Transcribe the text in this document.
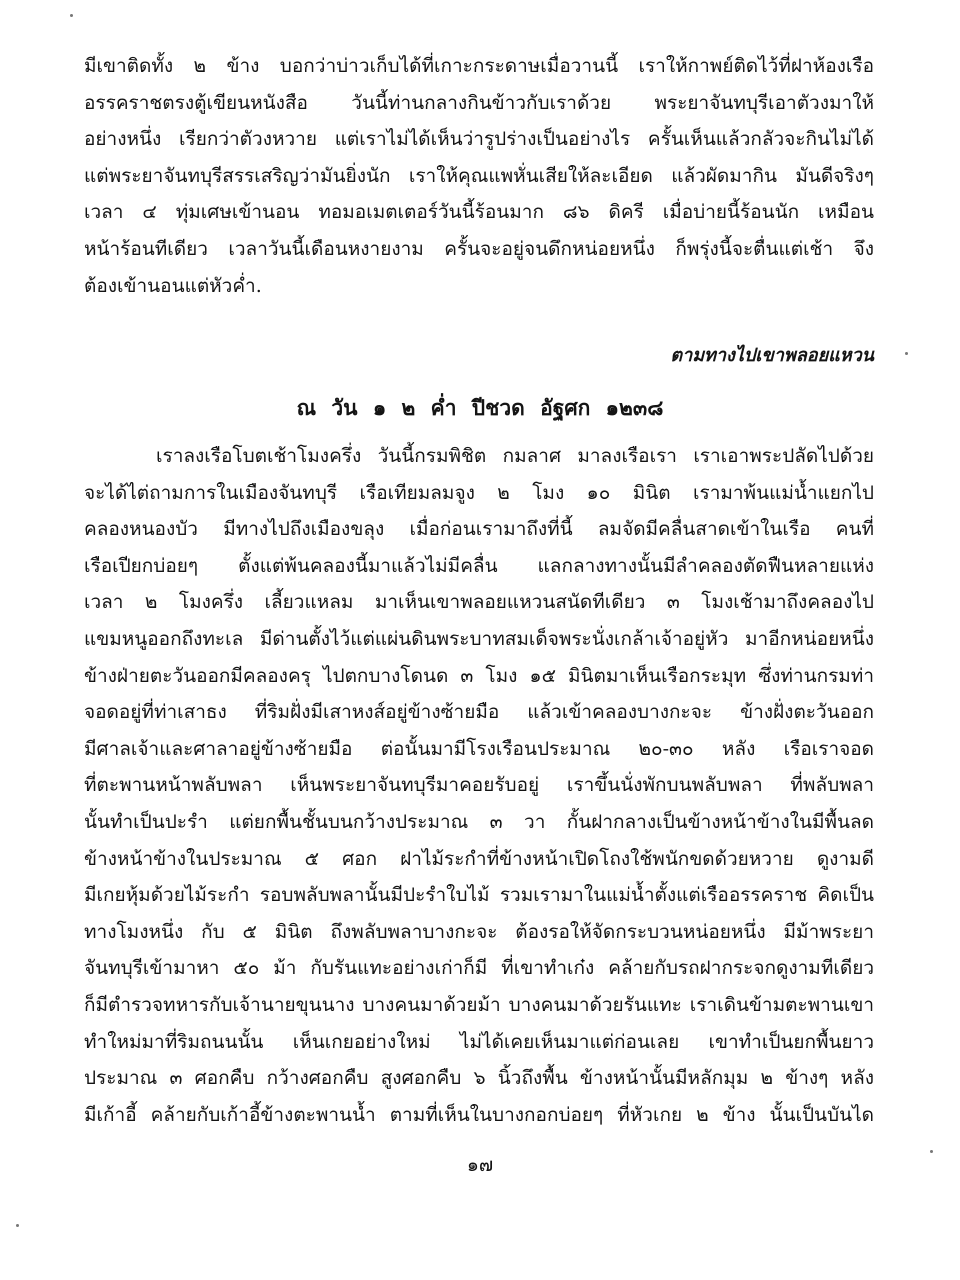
มีเขาติดทั้ง ๒ ข้าง บอกว่าบ่าวเก็บได้ที่เกาะกระดาษเมื่อวานนี้ เราให้กาพย์ติดไว้ที่ฝาห้องเรือ
อรรคราชตรงตู้เขียนหนังสือ วันนี้ท่านกลางกินข้าวกับเราด้วย พระยาจันทบุรีเอาตัวงมาให้
อย่างหนึ่ง เรียกว่าตัวงหวาย แต่เราไม่ได้เห็นว่ารูปร่างเป็นอย่างไร ครั้นเห็นแล้วกลัวจะกินไม่ได้
แต่พระยาจันทบุรีสรรเสริญว่ามันยิ่งนัก เราให้คุณแพหั่นเสียให้ละเอียด แล้วผัดมากิน มันดีจริงๆ
เวลา ๔ ทุ่มเศษเข้านอน ทอมอเมตเตอร์วันนี้ร้อนมาก ๘๖ ดิครี เมื่อบ่ายนี้ร้อนนัก เหมือน
หน้าร้อนทีเดียว เวลาวันนี้เดือนหงายงาม ครั้นจะอยู่จนดึกหน่อยหนึ่ง ก็พรุ่งนี้จะตื่นแต่เช้า จึง
ต้องเข้านอนแต่หัวค่ำ.
ตามทางไปเขาพลอยแหวน
ณ วัน ๑ ๒ ค่ำ ปีชวด อัฐศก ๑๒๓๘
เราลงเรือโบตเช้าโมงครึ่ง วันนี้กรมพิชิต กมลาศ มาลงเรือเรา เราเอาพระปลัดไปด้วย
จะได้ไต่ถามการในเมืองจันทบุรี เรือเทียมลมจูง ๒ โมง ๑๐ มินิต เรามาพ้นแม่น้ำแยกไป
คลองหนองบัว มีทางไปถึงเมืองขลุง เมื่อก่อนเรามาถึงที่นี้ ลมจัดมีคลื่นสาดเข้าในเรือ คนที่
เรือเปียกบ่อยๆ ตั้งแต่พ้นคลองนี้มาแล้วไม่มีคลื่น แลกลางทางนั้นมีลำคลองตัดฟืนหลายแห่ง
เวลา ๒ โมงครึ่ง เลี้ยวแหลม มาเห็นเขาพลอยแหวนสนัดทีเดียว ๓ โมงเช้ามาถึงคลองไป
แขมหนูออกถึงทะเล มีด่านตั้งไว้แต่แผ่นดินพระบาทสมเด็จพระนั่งเกล้าเจ้าอยู่หัว มาอีกหน่อยหนึ่ง
ข้างฝ่ายตะวันออกมีคลองครุ ไปตกบางโดนด ๓ โมง ๑๕ มินิตมาเห็นเรือกระมุท ซึ่งท่านกรมท่า
จอดอยู่ที่ท่าเสาธง ที่ริมฝั่งมีเสาหงส์อยู่ข้างซ้ายมือ แล้วเข้าคลองบางกะจะ ข้างฝั่งตะวันออก
มีศาลเจ้าและศาลาอยู่ข้างซ้ายมือ ต่อนั้นมามีโรงเรือนประมาณ ๒๐-๓๐ หลัง เรือเราจอด
ที่ตะพานหน้าพลับพลา เห็นพระยาจันทบุรีมาคอยรับอยู่ เราขึ้นนั่งพักบนพลับพลา ที่พลับพลา
นั้นทำเป็นปะรำ แต่ยกพื้นชั้นบนกว้างประมาณ ๓ วา กั้นฝากลางเป็นข้างหน้าข้างในมีพื้นลด
ข้างหน้าข้างในประมาณ ๕ ศอก ฝาไม้ระกำที่ข้างหน้าเปิดโถงใช้พนักขดด้วยหวาย ดูงามดี
มีเกยหุ้มด้วยไม้ระกำ รอบพลับพลานั้นมีปะรำใบไม้ รวมเรามาในแม่น้ำตั้งแต่เรืออรรคราช คิดเป็น
ทางโมงหนึ่ง กับ ๕ มินิต ถึงพลับพลาบางกะจะ ต้องรอให้จัดกระบวนหน่อยหนึ่ง มีม้าพระยา
จันทบุรีเข้ามาหา ๕๐ ม้า กับรันแทะอย่างเก่าก็มี ที่เขาทำเก๋ง คล้ายกับรถฝากระจกดูงามทีเดียว
ก็มีตำรวจทหารกับเจ้านายขุนนาง บางคนมาด้วยม้า บางคนมาด้วยรันแทะ เราเดินข้ามตะพานเขา
ทำใหม่มาที่ริมถนนนั้น เห็นเกยอย่างใหม่ ไม่ได้เคยเห็นมาแต่ก่อนเลย เขาทำเป็นยกพื้นยาว
ประมาณ ๓ ศอกคืบ กว้างศอกคืบ สูงศอกคืบ ๖ นิ้วถึงพื้น ข้างหน้านั้นมีหลักมุม ๒ ข้างๆ หลัง
มีเก้าอี้ คล้ายกับเก้าอี้ข้างตะพานน้ำ ตามที่เห็นในบางกอกบ่อยๆ ที่หัวเกย ๒ ข้าง นั้นเป็นบันได
๑๗
